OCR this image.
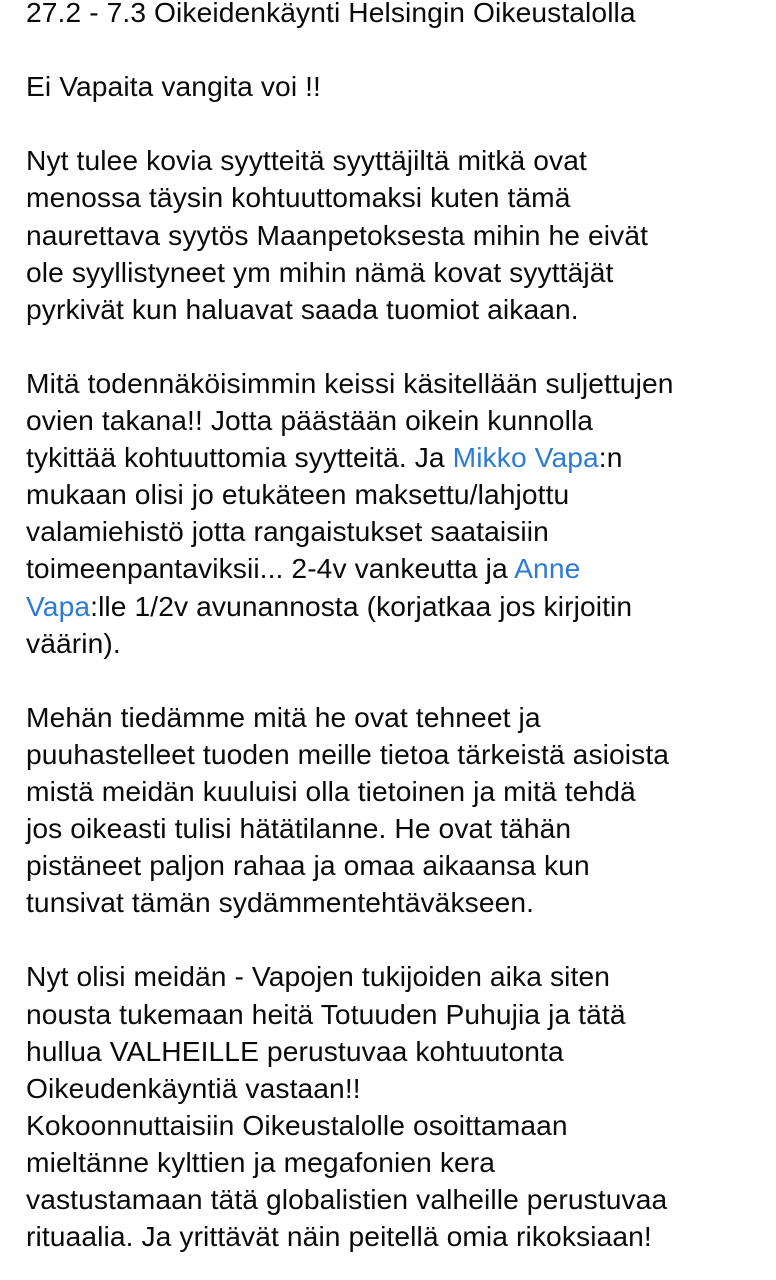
27.2 - 7.3 Oikeidenkäynti Helsingin Oikeustalolla
Ei Vapaita vangita voi !!
Nyt tulee kovia syytteitä syyttäjiltä mitkä ovat
menossa täysin kohtuuttomaksi kuten tämä
naurettava syytös Maanpetoksesta mihin he eivät
ole syyllistyneet ym mihin nämä kovat syyttäjät
pyrkivät kun haluavat saada tuomiot aikaan.
Mitä todennäköisimmin keissi käsitellään suljettujen
ovien takana!! Jotta päästään oikein kunnolla
tykittää kohtuuttomia syytteitä. Ja Mikko Vapa:n
mukaan olisi jo etukäteen maksettu/lahjottu
valamiehistö jotta rangaistukset saataisiin
toimeenpantaviksii... 2-4v vankeutta ja Anne
Vapa:lle 1/2v avunannosta (korjatkaa jos kirjoitin
väärin).
Mehän tiedämme mitä he ovat tehneet ja
puuhastelleet tuoden meille tietoa tärkeistä asioista
mistä meidän kuuluisi olla tietoinen ja mitä tehdä
jos oikeasti tulisi hätätilanne. He ovat tähän
pistäneet paljon rahaa ja omaa aikaansa kun
tunsivat tämän sydämmentehtäväkseen.
Nyt olisi meidän - Vapojen tukijoiden aika siten
nousta tukemaan heitä Totuuden Puhujia ja tätä
hullua VALHEILLE perustuvaa kohtuutonta
Oikeudenkäyntiä vastaan!!
Kokoonnuttaisiin Oikeustalolle osoittamaan
mieltänne kylttien ja megafonien kera
vastustamaan tätä globalistien valheille perustuvaa
rituaalia. Ja yrittävät näin peitellä omia rikoksiaan!
